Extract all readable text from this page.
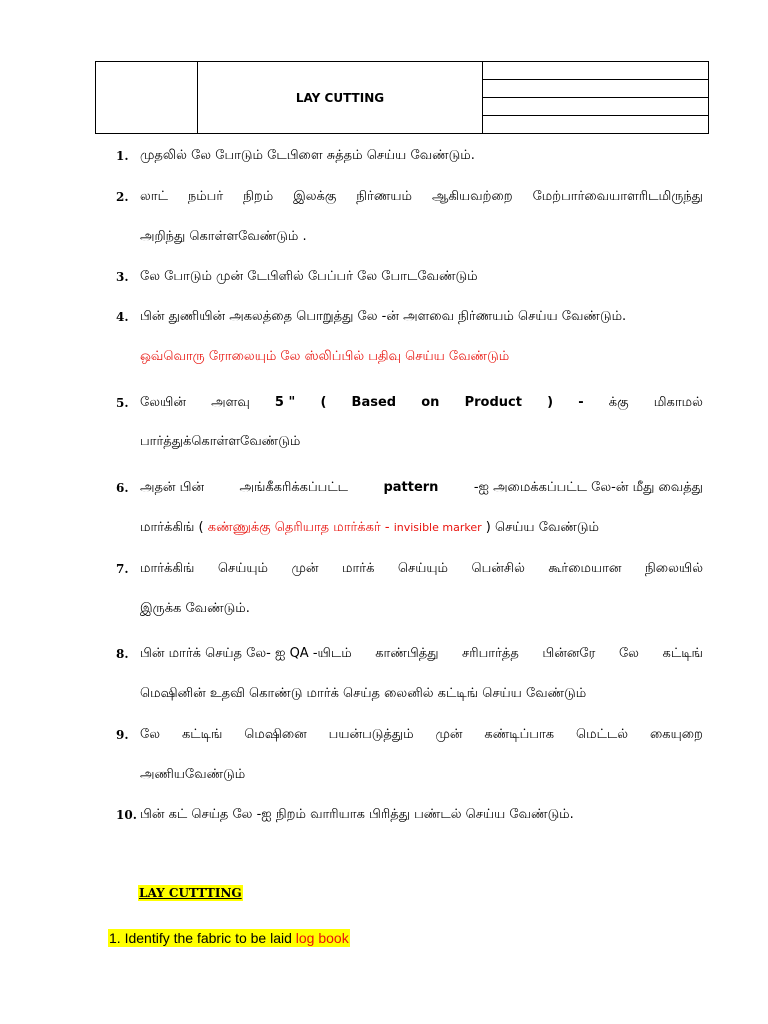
	LAY CUTTING	

1. முதலில் லே போடும் டேபிளை சுத்தம் செய்ய வேண்டும்.
2. லாட் நம்பர் நிறம் இலக்கு நிர்ணயம் ஆகியவற்றை மேற்பார்வையாளரிடமிருந்து
அறிந்து கொள்ளவேண்டும் .
3. லே போடும் முன் டேபிளில் பேப்பர் லே போடவேண்டும்
4. பின் துணியின் அகலத்தை பொறுத்து லே -ன் அளவை நிர்ணயம் செய்ய வேண்டும்.
ஒவ்வொரு ரோலையும் லே ஸ்லிப்பில் பதிவு செய்ய வேண்டும்
5. லேயின் அளவு 5 " ( Based on Product ) - க்கு மிகாமல்
பார்த்துக்கொள்ளவேண்டும்
6. அதன் பின்	அங்கீகரிக்கப்பட்ட	pattern	-ஐ அமைக்கப்பட்ட லே-ன் மீது வைத்து
மார்க்கிங் ( கண்ணுக்கு தெரியாத மார்க்கர் - invisible marker ) செய்ய வேண்டும்
7. மார்க்கிங் செய்யும் முன் மார்க் செய்யும் பென்சில் கூர்மையான நிலையில்
இருக்க வேண்டும்.
8. பின் மார்க் செய்த லே- ஐ QA -யிடம் காண்பித்து சரிபார்த்த பின்னரே லே கட்டிங்
மெஷினின் உதவி கொண்டு மார்க் செய்த லைனில் கட்டிங் செய்ய வேண்டும்
9. லே கட்டிங் மெஷினை பயன்படுத்தும் முன் கண்டிப்பாக மெட்டல் கையுறை
அணியவேண்டும்
10. பின் கட் செய்த லே -ஐ நிறம் வாரியாக பிரித்து பண்டல் செய்ய வேண்டும்.
LAY CUTTTING
1. Identify the fabric to be laid log book
